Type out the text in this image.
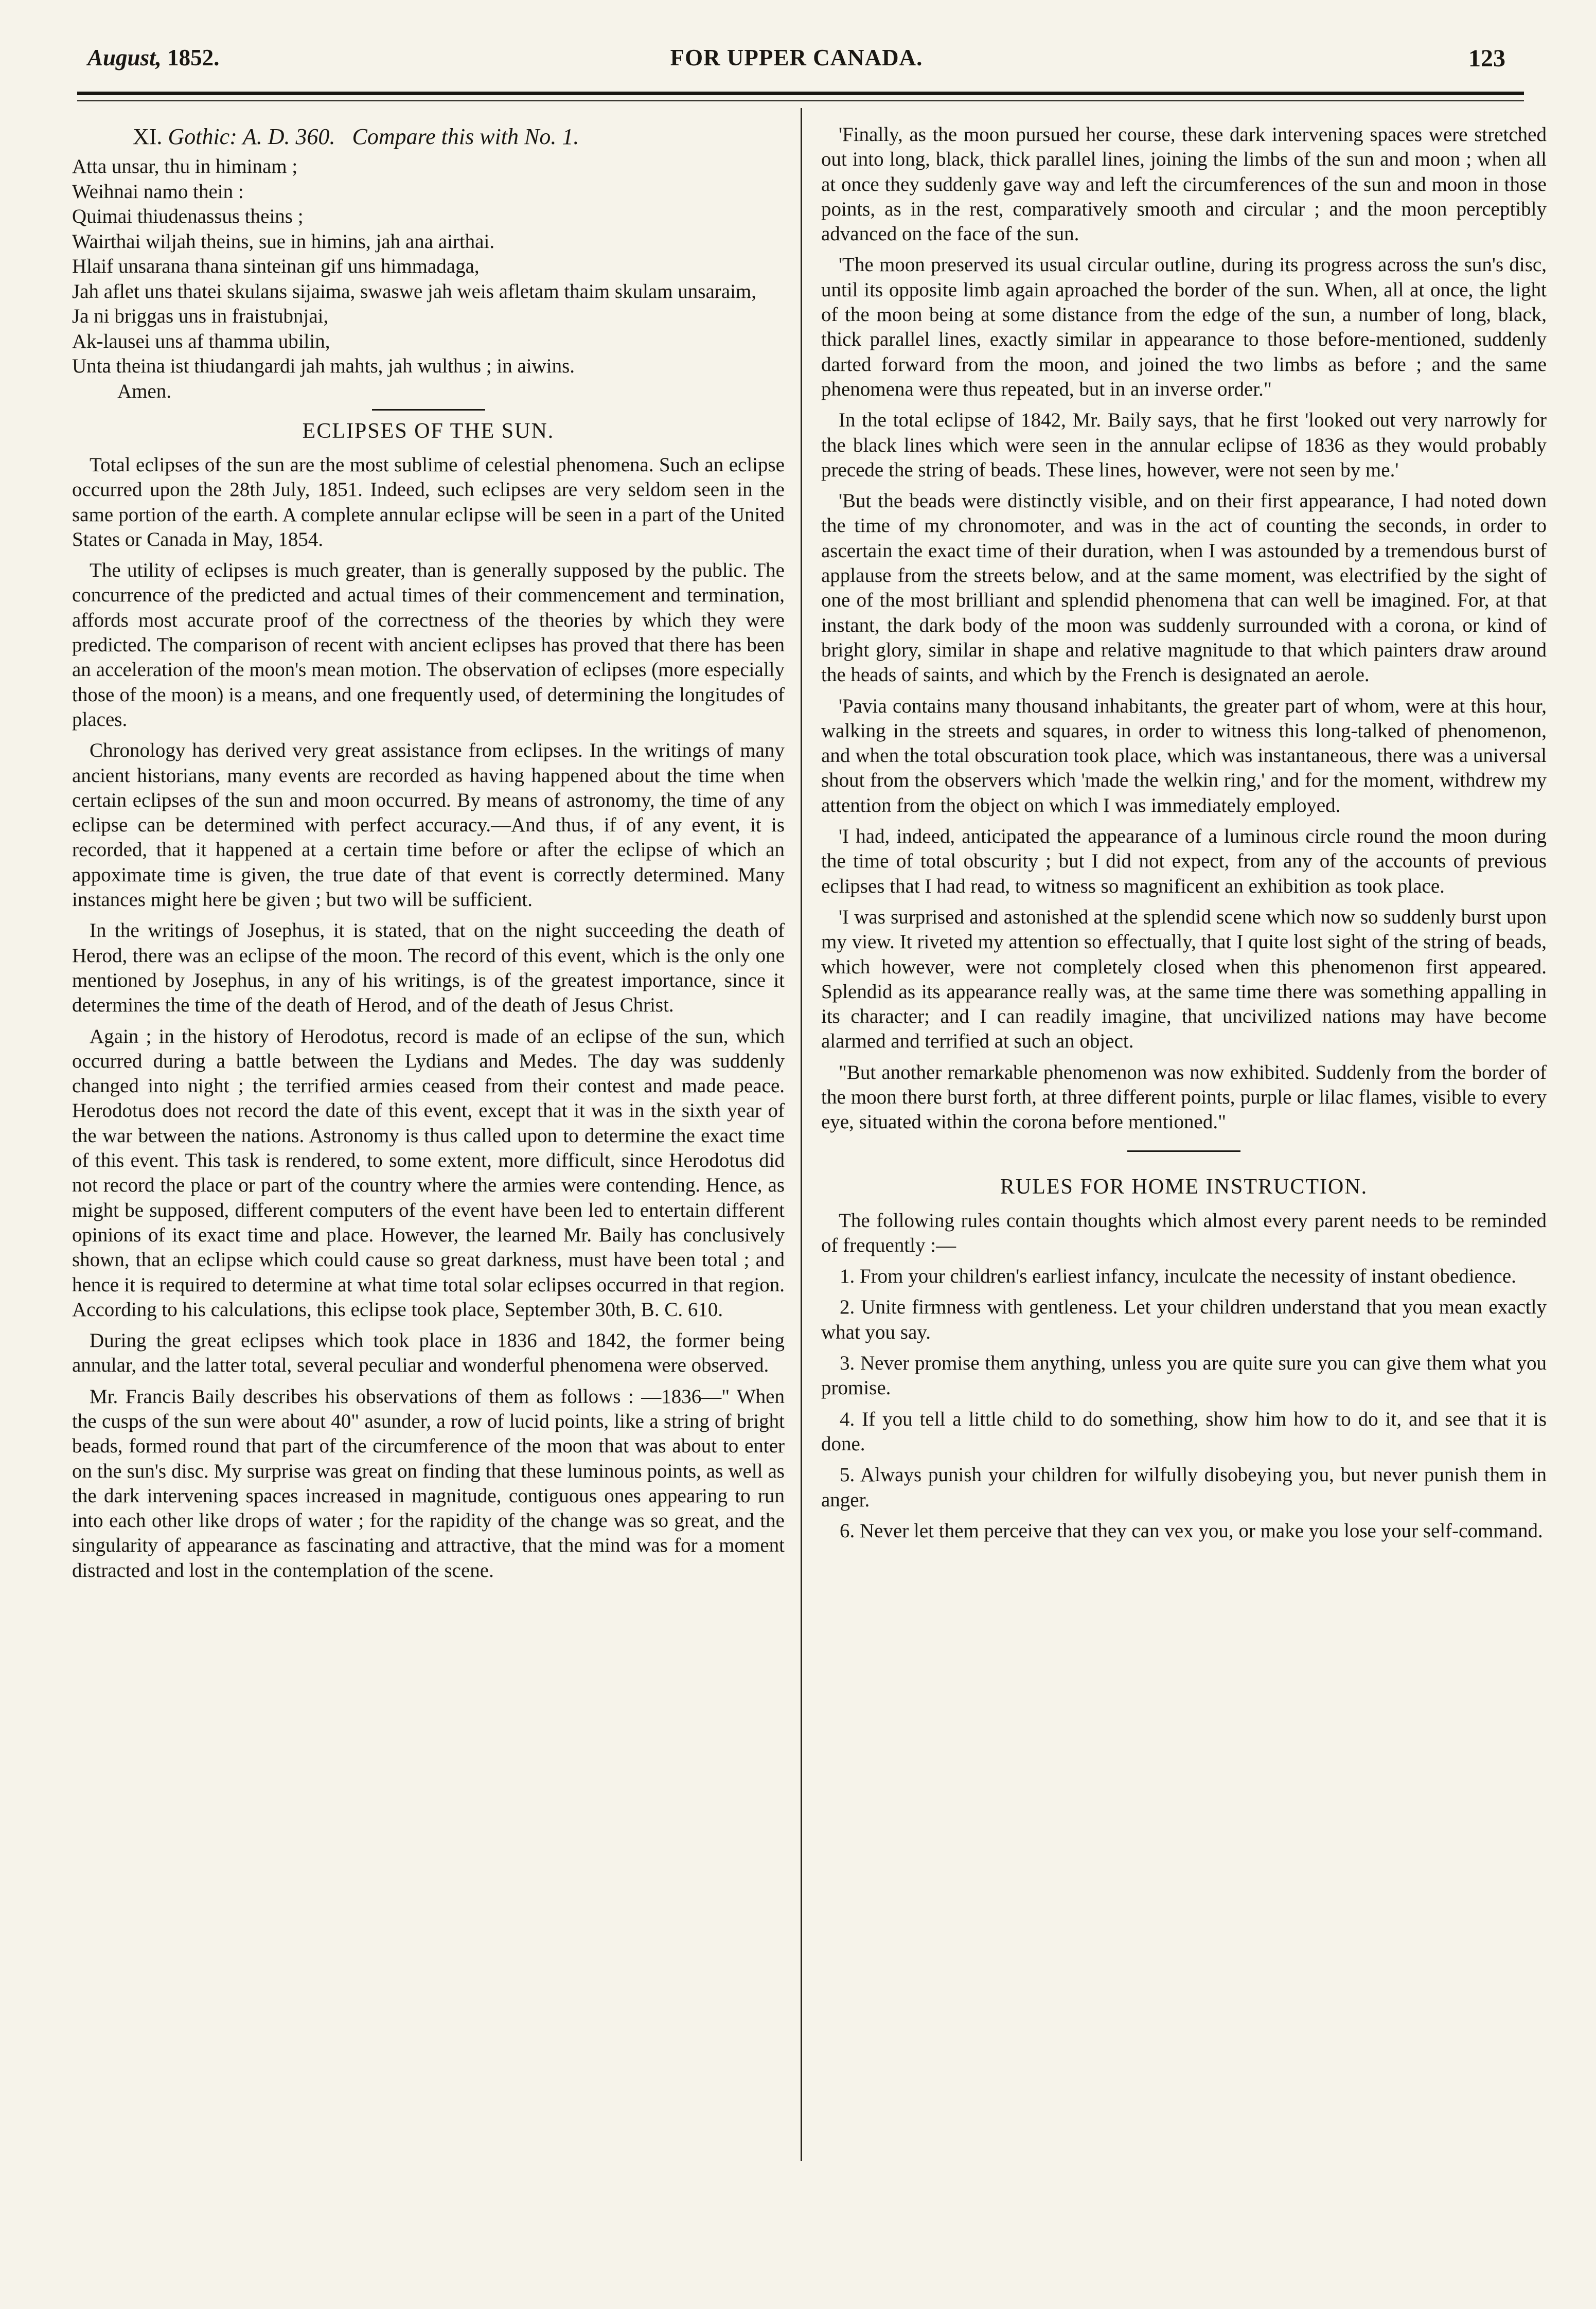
August, 1852.	FOR UPPER CANADA.	123
XI. Gothic: A. D. 360. Compare this with No. 1.
Atta unsar, thu in himinam ;
Weihnai namo thein :
Quimai thiudenassus theins ;
Wairthai wiljah theins, sue in himins, jah ana airthai.
Hlaif unsarana thana sinteinan gif uns himmadaga,
Jah aflet uns thatei skulans sijaima, swaswe jah weis afletam thaim skulam unsaraim,
Ja ni briggas uns in fraistubnjai,
Ak-lausei uns af thamma ubilin,
Unta theina ist thiudangardi jah mahts, jah wulthus ; in aiwins.
Amen.
ECLIPSES OF THE SUN.

Total eclipses of the sun are the most sublime of celestial phenomena. Such an eclipse occurred upon the 28th July, 1851. Indeed, such eclipses are very seldom seen in the same portion of the earth. A complete annular eclipse will be seen in a part of the United States or Canada in May, 1854.

The utility of eclipses is much greater, than is generally supposed by the public. The concurrence of the predicted and actual times of their commencement and termination, affords most accurate proof of the correctness of the theories by which they were predicted. The comparison of recent with ancient eclipses has proved that there has been an acceleration of the moon's mean motion. The observation of eclipses (more especially those of the moon) is a means, and one frequently used, of determining the longitudes of places.

Chronology has derived very great assistance from eclipses. In the writings of many ancient historians, many events are recorded as having happened about the time when certain eclipses of the sun and moon occurred. By means of astronomy, the time of any eclipse can be determined with perfect accuracy.—And thus, if of any event, it is recorded, that it happened at a certain time before or after the eclipse of which an appoximate time is given, the true date of that event is correctly determined. Many instances might here be given ; but two will be sufficient.

In the writings of Josephus, it is stated, that on the night succeeding the death of Herod, there was an eclipse of the moon. The record of this event, which is the only one mentioned by Josephus, in any of his writings, is of the greatest importance, since it determines the time of the death of Herod, and of the death of Jesus Christ.

Again ; in the history of Herodotus, record is made of an eclipse of the sun, which occurred during a battle between the Lydians and Medes. The day was suddenly changed into night ; the terrified armies ceased from their contest and made peace. Herodotus does not record the date of this event, except that it was in the sixth year of the war between the nations. Astronomy is thus called upon to determine the exact time of this event. This task is rendered, to some extent, more difficult, since Herodotus did not record the place or part of the country where the armies were contending. Hence, as might be supposed, different computers of the event have been led to entertain different opinions of its exact time and place. However, the learned Mr. Baily has conclusively shown, that an eclipse which could cause so great darkness, must have been total ; and hence it is required to determine at what time total solar eclipses occurred in that region. According to his calculations, this eclipse took place, September 30th, B. C. 610.

During the great eclipses which took place in 1836 and 1842, the former being annular, and the latter total, several peculiar and wonderful phenomena were observed.

Mr. Francis Baily describes his observations of them as follows : —1836—" When the cusps of the sun were about 40" asunder, a row of lucid points, like a string of bright beads, formed round that part of the circumference of the moon that was about to enter on the sun's disc. My surprise was great on finding that these luminous points, as well as the dark intervening spaces increased in magnitude, contiguous ones appearing to run into each other like drops of water ; for the rapidity of the change was so great, and the singularity of appearance as fascinating and attractive, that the mind was for a moment distracted and lost in the contemplation of the scene.

'Finally, as the moon pursued her course, these dark intervening spaces were stretched out into long, black, thick parallel lines, joining the limbs of the sun and moon ; when all at once they suddenly gave way and left the circumferences of the sun and moon in those points, as in the rest, comparatively smooth and circular ; and the moon perceptibly advanced on the face of the sun.

'The moon preserved its usual circular outline, during its progress across the sun's disc, until its opposite limb again aproached the border of the sun. When, all at once, the light of the moon being at some distance from the edge of the sun, a number of long, black, thick parallel lines, exactly similar in appearance to those before-mentioned, suddenly darted forward from the moon, and joined the two limbs as before ; and the same phenomena were thus repeated, but in an inverse order."

In the total eclipse of 1842, Mr. Baily says, that he first 'looked out very narrowly for the black lines which were seen in the annular eclipse of 1836 as they would probably precede the string of beads. These lines, however, were not seen by me.'

'But the beads were distinctly visible, and on their first appearance, I had noted down the time of my chronomoter, and was in the act of counting the seconds, in order to ascertain the exact time of their duration, when I was astounded by a tremendous burst of applause from the streets below, and at the same moment, was electrified by the sight of one of the most brilliant and splendid phenomena that can well be imagined. For, at that instant, the dark body of the moon was suddenly surrounded with a corona, or kind of bright glory, similar in shape and relative magnitude to that which painters draw around the heads of saints, and which by the French is designated an aerole.

'Pavia contains many thousand inhabitants, the greater part of whom, were at this hour, walking in the streets and squares, in order to witness this long-talked of phenomenon, and when the total obscuration took place, which was instantaneous, there was a universal shout from the observers which 'made the welkin ring,' and for the moment, withdrew my attention from the object on which I was immediately employed.

'I had, indeed, anticipated the appearance of a luminous circle round the moon during the time of total obscurity ; but I did not expect, from any of the accounts of previous eclipses that I had read, to witness so magnificent an exhibition as took place.

'I was surprised and astonished at the splendid scene which now so suddenly burst upon my view. It riveted my attention so effectually, that I quite lost sight of the string of beads, which however, were not completely closed when this phenomenon first appeared. Splendid as its appearance really was, at the same time there was something appalling in its character; and I can readily imagine, that uncivilized nations may have become alarmed and terrified at such an object.

"But another remarkable phenomenon was now exhibited. Suddenly from the border of the moon there burst forth, at three different points, purple or lilac flames, visible to every eye, situated within the corona before mentioned."

RULES FOR HOME INSTRUCTION.

The following rules contain thoughts which almost every parent needs to be reminded of frequently :—

1. From your children's earliest infancy, inculcate the necessity of instant obedience.

2. Unite firmness with gentleness. Let your children understand that you mean exactly what you say.

3. Never promise them anything, unless you are quite sure you can give them what you promise.

4. If you tell a little child to do something, show him how to do it, and see that it is done.

5. Always punish your children for wilfully disobeying you, but never punish them in anger.

6. Never let them perceive that they can vex you, or make you lose your self-command.
